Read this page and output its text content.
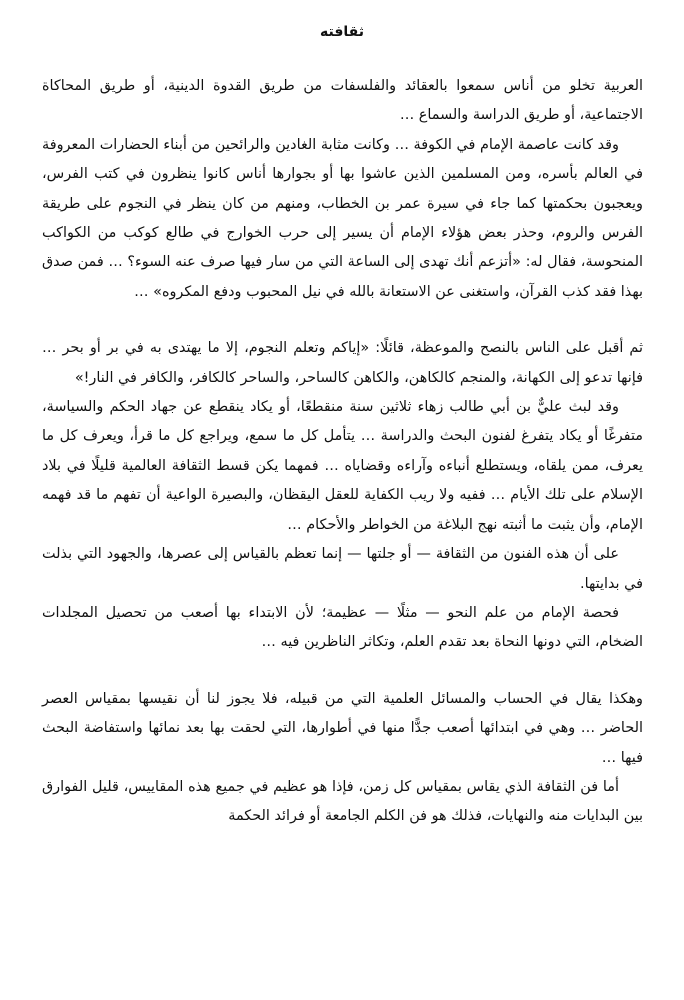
ثقافته

العربية تخلو من أناس سمعوا بالعقائد والفلسفات من طريق القدوة الدينية، أو طريق المحاكاة الاجتماعية، أو طريق الدراسة والسماع …

وقد كانت عاصمة الإمام في الكوفة … وكانت مثابة الغادين والرائحين من أبناء الحضارات المعروفة في العالم بأسره، ومن المسلمين الذين عاشوا بها أو بجوارها أناس كانوا ينظرون في كتب الفرس، ويعجبون بحكمتها كما جاء في سيرة عمر بن الخطاب، ومنهم من كان ينظر في النجوم على طريقة الفرس والروم، وحذر بعض هؤلاء الإمام أن يسير إلى حرب الخوارج في طالع كوكب من الكواكب المنحوسة، فقال له: «أتزعم أنك تهدى إلى الساعة التي من سار فيها صرف عنه السوء؟ … فمن صدق بهذا فقد كذب القرآن، واستغنى عن الاستعانة بالله في نيل المحبوب ودفع المكروه» …

ثم أقبل على الناس بالنصح والموعظة، قائلًا: «إياكم وتعلم النجوم، إلا ما يهتدى به في بر أو بحر … فإنها تدعو إلى الكهانة، والمنجم كالكاهن، والكاهن كالساحر، والساحر كالكافر، والكافر في النار!»

وقد لبث عليٌّ بن أبي طالب زهاء ثلاثين سنة منقطعًا، أو يكاد ينقطع عن جهاد الحكم والسياسة، متفرغًا أو يكاد يتفرغ لفنون البحث والدراسة … يتأمل كل ما سمع، ويراجع كل ما قرأ، ويعرف كل ما يعرف، ممن يلقاه، ويستطلع أنباءه وآراءه وقضاياه … فمهما يكن قسط الثقافة العالمية قليلًا في بلاد الإسلام على تلك الأيام … ففيه ولا ريب الكفاية للعقل اليقظان، والبصيرة الواعية أن تفهم ما قد فهمه الإمام، وأن يثبت ما أثبته نهج البلاغة من الخواطر والأحكام …

على أن هذه الفنون من الثقافة — أو جلتها — إنما تعظم بالقياس إلى عصرها، والجهود التي بذلت في بدايتها.

فحصة الإمام من علم النحو — مثلًا — عظيمة؛ لأن الابتداء بها أصعب من تحصيل المجلدات الضخام، التي دونها النحاة بعد تقدم العلم، وتكاثر الناظرين فيه …

وهكذا يقال في الحساب والمسائل العلمية التي من قبيله، فلا يجوز لنا أن نقيسها بمقياس العصر الحاضر … وهي في ابتدائها أصعب جدًّا منها في أطوارها، التي لحقت بها بعد نمائها واستفاضة البحث فيها …

أما فن الثقافة الذي يقاس بمقياس كل زمن، فإذا هو عظيم في جميع هذه المقاييس، قليل الفوارق بين البدايات منه والنهايات، فذلك هو فن الكلم الجامعة أو فرائد الحكمة
